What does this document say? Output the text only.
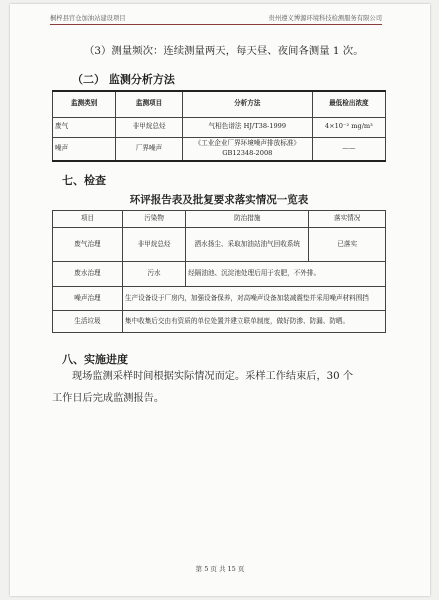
桐梓县官仓加油站建设项目	贵州遵义博源环境科技检测服务有限公司
（3）测量频次：连续测量两天，每天昼、夜间各测量 1 次。
（二） 监测分析方法
监测类别	监测项目	分析方法	最低检出浓度
废气	非甲烷总烃	气相色谱法 HJ/T38-1999	4×10⁻² mg/m³
噪声	厂界噪声	《工业企业厂界环境噪声排放标准》 GB12348-2008	——
七、检查
环评报告表及批复要求落实情况一览表
项目	污染物	防治措施	落实情况
废气治理	非甲烷总烃	洒水扬尘、采取加油站油气回收系统	已落实
废水治理	污水	经隔油池、沉淀池处理后用于农肥，不外排。	
噪声治理	生产设备设于厂房内，加强设备保养，对高噪声设备加装减震垫并采用噪声材料围挡		
生活垃圾	集中收集后交由有资质的单位处置并建立联单制度，做好防渗、防漏、防晒。		
八、实施进度
现场监测采样时间根据实际情况而定。采样工作结束后，30 个
工作日后完成监测报告。
第 5 页 共 15 页
